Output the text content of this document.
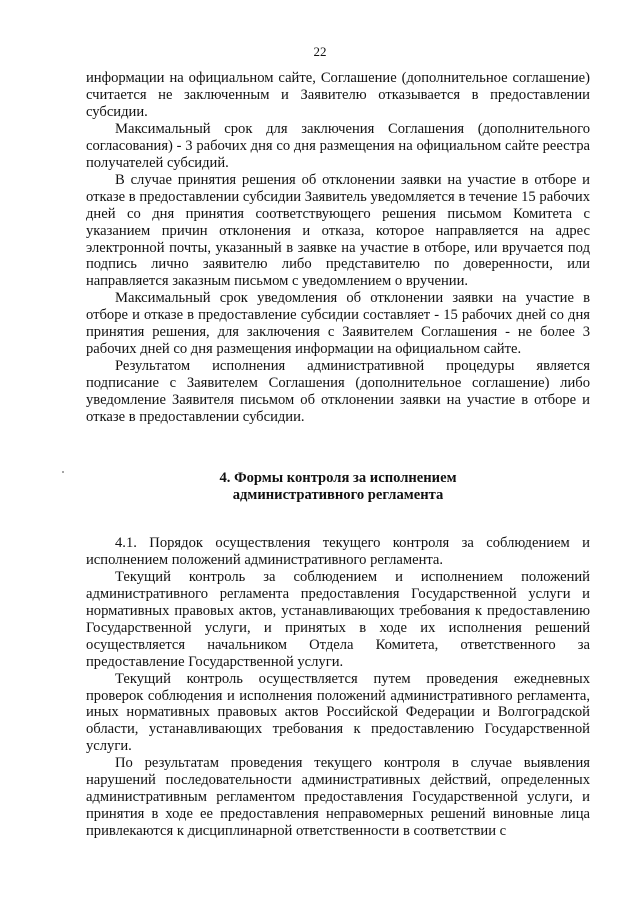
22

информации на официальном сайте, Соглашение (дополнительное соглашение) считается не заключенным и Заявителю отказывается в предоставлении субсидии.

Максимальный срок для заключения Соглашения (дополнительного согласования) - 3 рабочих дня со дня размещения на официальном сайте реестра получателей субсидий.

В случае принятия решения об отклонении заявки на участие в отборе и отказе в предоставлении субсидии Заявитель уведомляется в течение 15 рабочих дней со дня принятия соответствующего решения письмом Комитета с указанием причин отклонения и отказа, которое направляется на адрес электронной почты, указанный в заявке на участие в отборе, или вручается под подпись лично заявителю либо представителю по доверенности, или направляется заказным письмом с уведомлением о вручении.

Максимальный срок уведомления об отклонении заявки на участие в отборе и отказе в предоставление субсидии составляет - 15 рабочих дней со дня принятия решения, для заключения с Заявителем Соглашения - не более 3 рабочих дней со дня размещения информации на официальном сайте.

Результатом исполнения административной процедуры является подписание с Заявителем Соглашения (дополнительное соглашение) либо уведомление Заявителя письмом об отклонении заявки на участие в отборе и отказе в предоставлении субсидии.

4. Формы контроля за исполнением
административного регламента

4.1. Порядок осуществления текущего контроля за соблюдением и исполнением положений административного регламента.

Текущий контроль за соблюдением и исполнением положений административного регламента предоставления Государственной услуги и нормативных правовых актов, устанавливающих требования к предоставлению Государственной услуги, и принятых в ходе их исполнения решений осуществляется начальником Отдела Комитета, ответственного за предоставление Государственной услуги.

Текущий контроль осуществляется путем проведения ежедневных проверок соблюдения и исполнения положений административного регламента, иных нормативных правовых актов Российской Федерации и Волгоградской области, устанавливающих требования к предоставлению Государственной услуги.

По результатам проведения текущего контроля в случае выявления нарушений последовательности административных действий, определенных административным регламентом предоставления Государственной услуги, и принятия в ходе ее предоставления неправомерных решений виновные лица привлекаются к дисциплинарной ответственности в соответствии с
